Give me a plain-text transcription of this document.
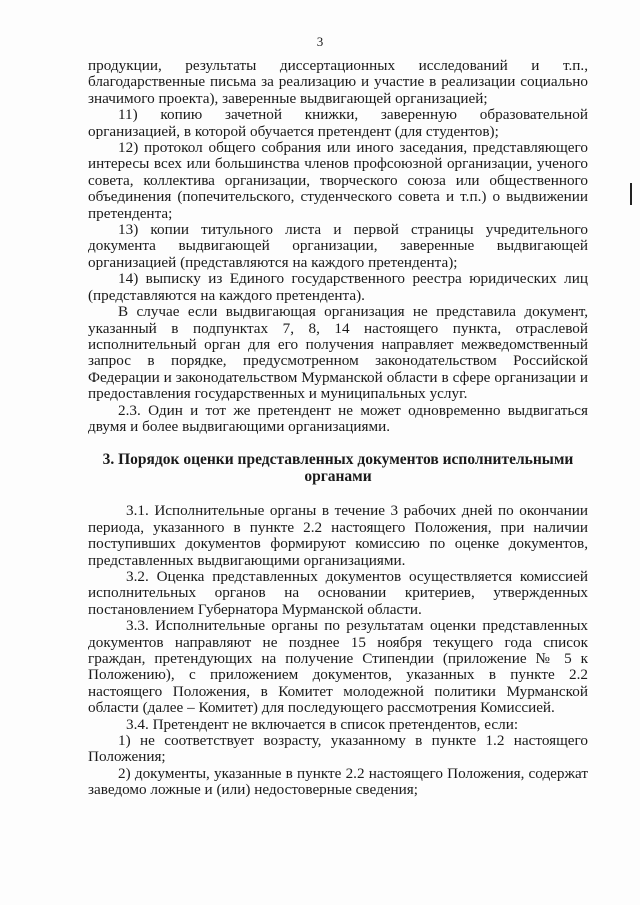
3

продукции, результаты диссертационных исследований и т.п., благодарственные письма за реализацию и участие в реализации социально значимого проекта), заверенные выдвигающей организацией;

11) копию зачетной книжки, заверенную образовательной организацией, в которой обучается претендент (для студентов);

12) протокол общего собрания или иного заседания, представляющего интересы всех или большинства членов профсоюзной организации, ученого совета, коллектива организации, творческого союза или общественного объединения (попечительского, студенческого совета и т.п.) о выдвижении претендента;

13) копии титульного листа и первой страницы учредительного документа выдвигающей организации, заверенные выдвигающей организацией (представляются на каждого претендента);

14) выписку из Единого государственного реестра юридических лиц (представляются на каждого претендента).

В случае если выдвигающая организация не представила документ, указанный в подпунктах 7, 8, 14 настоящего пункта, отраслевой исполнительный орган для его получения направляет межведомственный запрос в порядке, предусмотренном законодательством Российской Федерации и законодательством Мурманской области в сфере организации и предоставления государственных и муниципальных услуг.

2.3. Один и тот же претендент не может одновременно выдвигаться двумя и более выдвигающими организациями.

3. Порядок оценки представленных документов исполнительными органами

3.1. Исполнительные органы в течение 3 рабочих дней по окончании периода, указанного в пункте 2.2 настоящего Положения, при наличии поступивших документов формируют комиссию по оценке документов, представленных выдвигающими организациями.

3.2. Оценка представленных документов осуществляется комиссией исполнительных органов на основании критериев, утвержденных постановлением Губернатора Мурманской области.

3.3. Исполнительные органы по результатам оценки представленных документов направляют не позднее 15 ноября текущего года список граждан, претендующих на получение Стипендии (приложение № 5 к Положению), с приложением документов, указанных в пункте 2.2 настоящего Положения, в Комитет молодежной политики Мурманской области (далее – Комитет) для последующего рассмотрения Комиссией.

3.4. Претендент не включается в список претендентов, если:

1) не соответствует возрасту, указанному в пункте 1.2 настоящего Положения;

2) документы, указанные в пункте 2.2 настоящего Положения, содержат заведомо ложные и (или) недостоверные сведения;
